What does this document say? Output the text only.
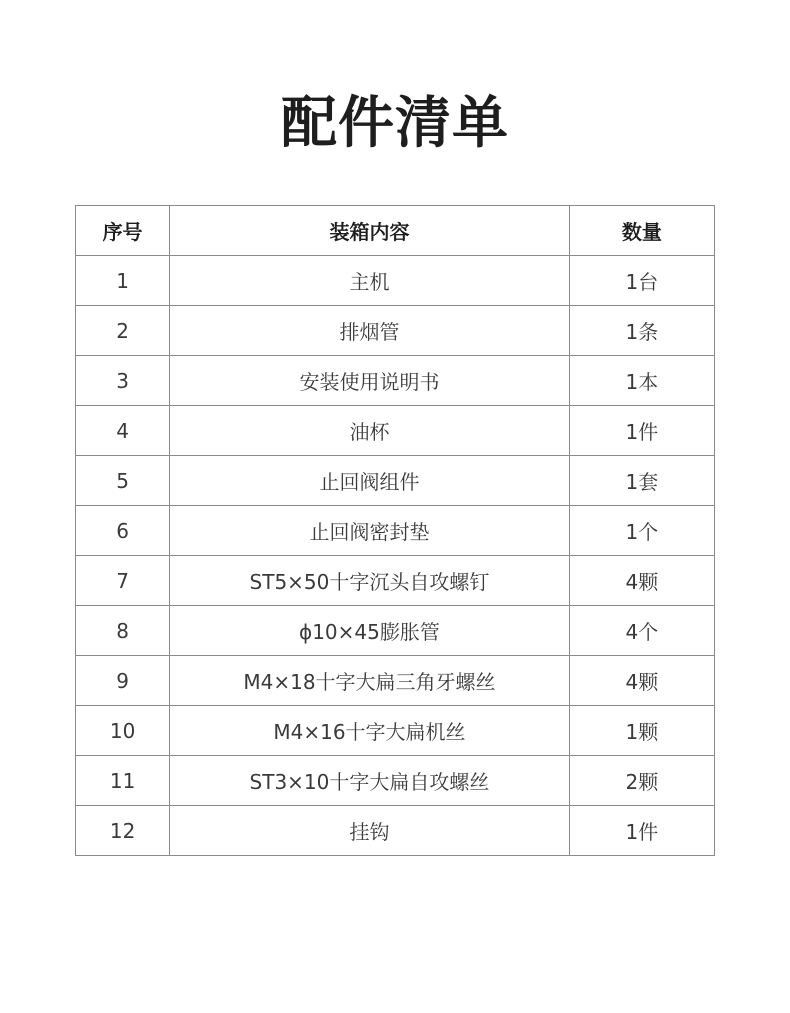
配件清单
序号	装箱内容	数量
1	主机	1台
2	排烟管	1条
3	安装使用说明书	1本
4	油杯	1件
5	止回阀组件	1套
6	止回阀密封垫	1个
7	ST5×50十字沉头自攻螺钉	4颗
8	ϕ10×45膨胀管	4个
9	M4×18十字大扁三角牙螺丝	4颗
10	M4×16十字大扁机丝	1颗
11	ST3×10十字大扁自攻螺丝	2颗
12	挂钩	1件
